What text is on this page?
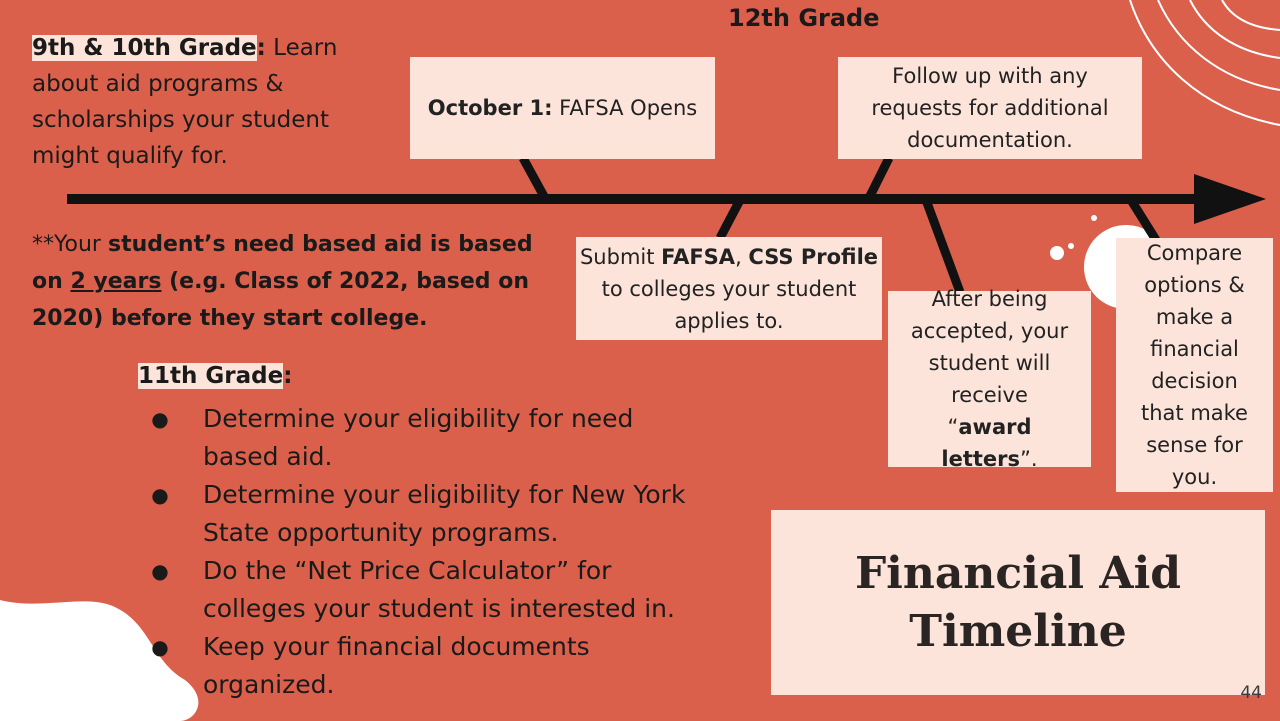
9th & 10th Grade: Learn about aid programs & scholarships your student might qualify for.
**Your student’s need based aid is based on 2 years (e.g. Class of 2022, based on 2020) before they start college.
11th Grade:
● Determine your eligibility for need based aid.
● Determine your eligibility for New York State opportunity programs.
● Do the “Net Price Calculator” for colleges your student is interested in.
● Keep your financial documents organized.
12th Grade
October 1: FAFSA Opens
Submit FAFSA, CSS Profile to colleges your student applies to.
Follow up with any requests for additional documentation.
After being accepted, your student will receive “award letters”.
Compare options & make a financial decision that make sense for you.
Financial Aid
Timeline
44
